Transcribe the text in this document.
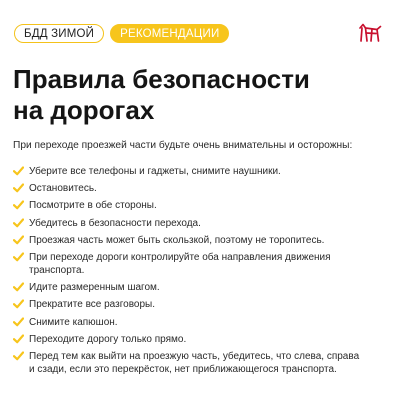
БДД ЗИМОЙ	РЕКОМЕНДАЦИИ
Правила безопасности
на дорогах

При переходе проезжей части будьте очень внимательны и осторожны:

Уберите все телефоны и гаджеты, снимите наушники.
Остановитесь.
Посмотрите в обе стороны.
Убедитесь в безопасности перехода.
Проезжая часть может быть скользкой, поэтому не торопитесь.
При переходе дороги контролируйте оба направления движения
транспорта.
Идите размеренным шагом.
Прекратите все разговоры.
Снимите капюшон.
Переходите дорогу только прямо.
Перед тем как выйти на проезжую часть, убедитесь, что слева, справа
и сзади, если это перекрёсток, нет приближающегося транспорта.
